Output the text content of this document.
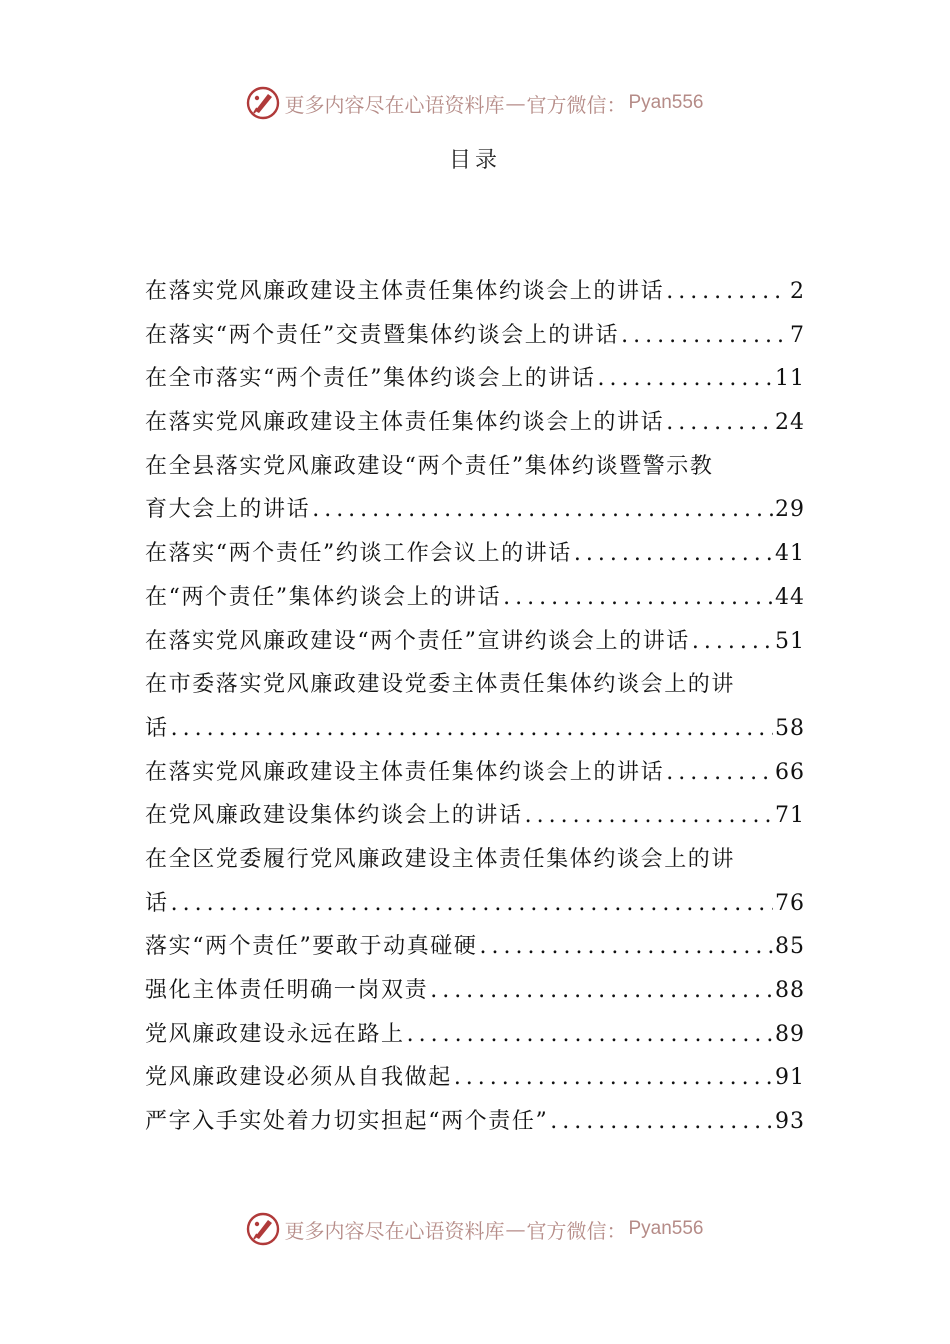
更多内容尽在心语资料库 — 官方微信： Pyan556
目录
在落实党风廉政建设主体责任集体约谈会上的讲话 .....	2
在落实“两个责任”交责暨集体约谈会上的讲话 .....	7
在全市落实“两个责任”集体约谈会上的讲话 .....	11
在落实党风廉政建设主体责任集体约谈会上的讲话 .....	24
在全县落实党风廉政建设“两个责任”集体约谈暨警示教
育大会上的讲话 .....	29
在落实“两个责任”约谈工作会议上的讲话 .....	41
在“两个责任”集体约谈会上的讲话 .....	44
在落实党风廉政建设“两个责任”宣讲约谈会上的讲话 .....	51
在市委落实党风廉政建设党委主体责任集体约谈会上的讲
话 .....	58
在落实党风廉政建设主体责任集体约谈会上的讲话 .....	66
在党风廉政建设集体约谈会上的讲话 .....	71
在全区党委履行党风廉政建设主体责任集体约谈会上的讲
话 .....	76
落实“两个责任”要敢于动真碰硬 .....	85
强化主体责任明确一岗双责 .....	88
党风廉政建设永远在路上 .....	89
党风廉政建设必须从自我做起 .....	91
严字入手实处着力切实担起“两个责任” .....	93
更多内容尽在心语资料库 — 官方微信： Pyan556
